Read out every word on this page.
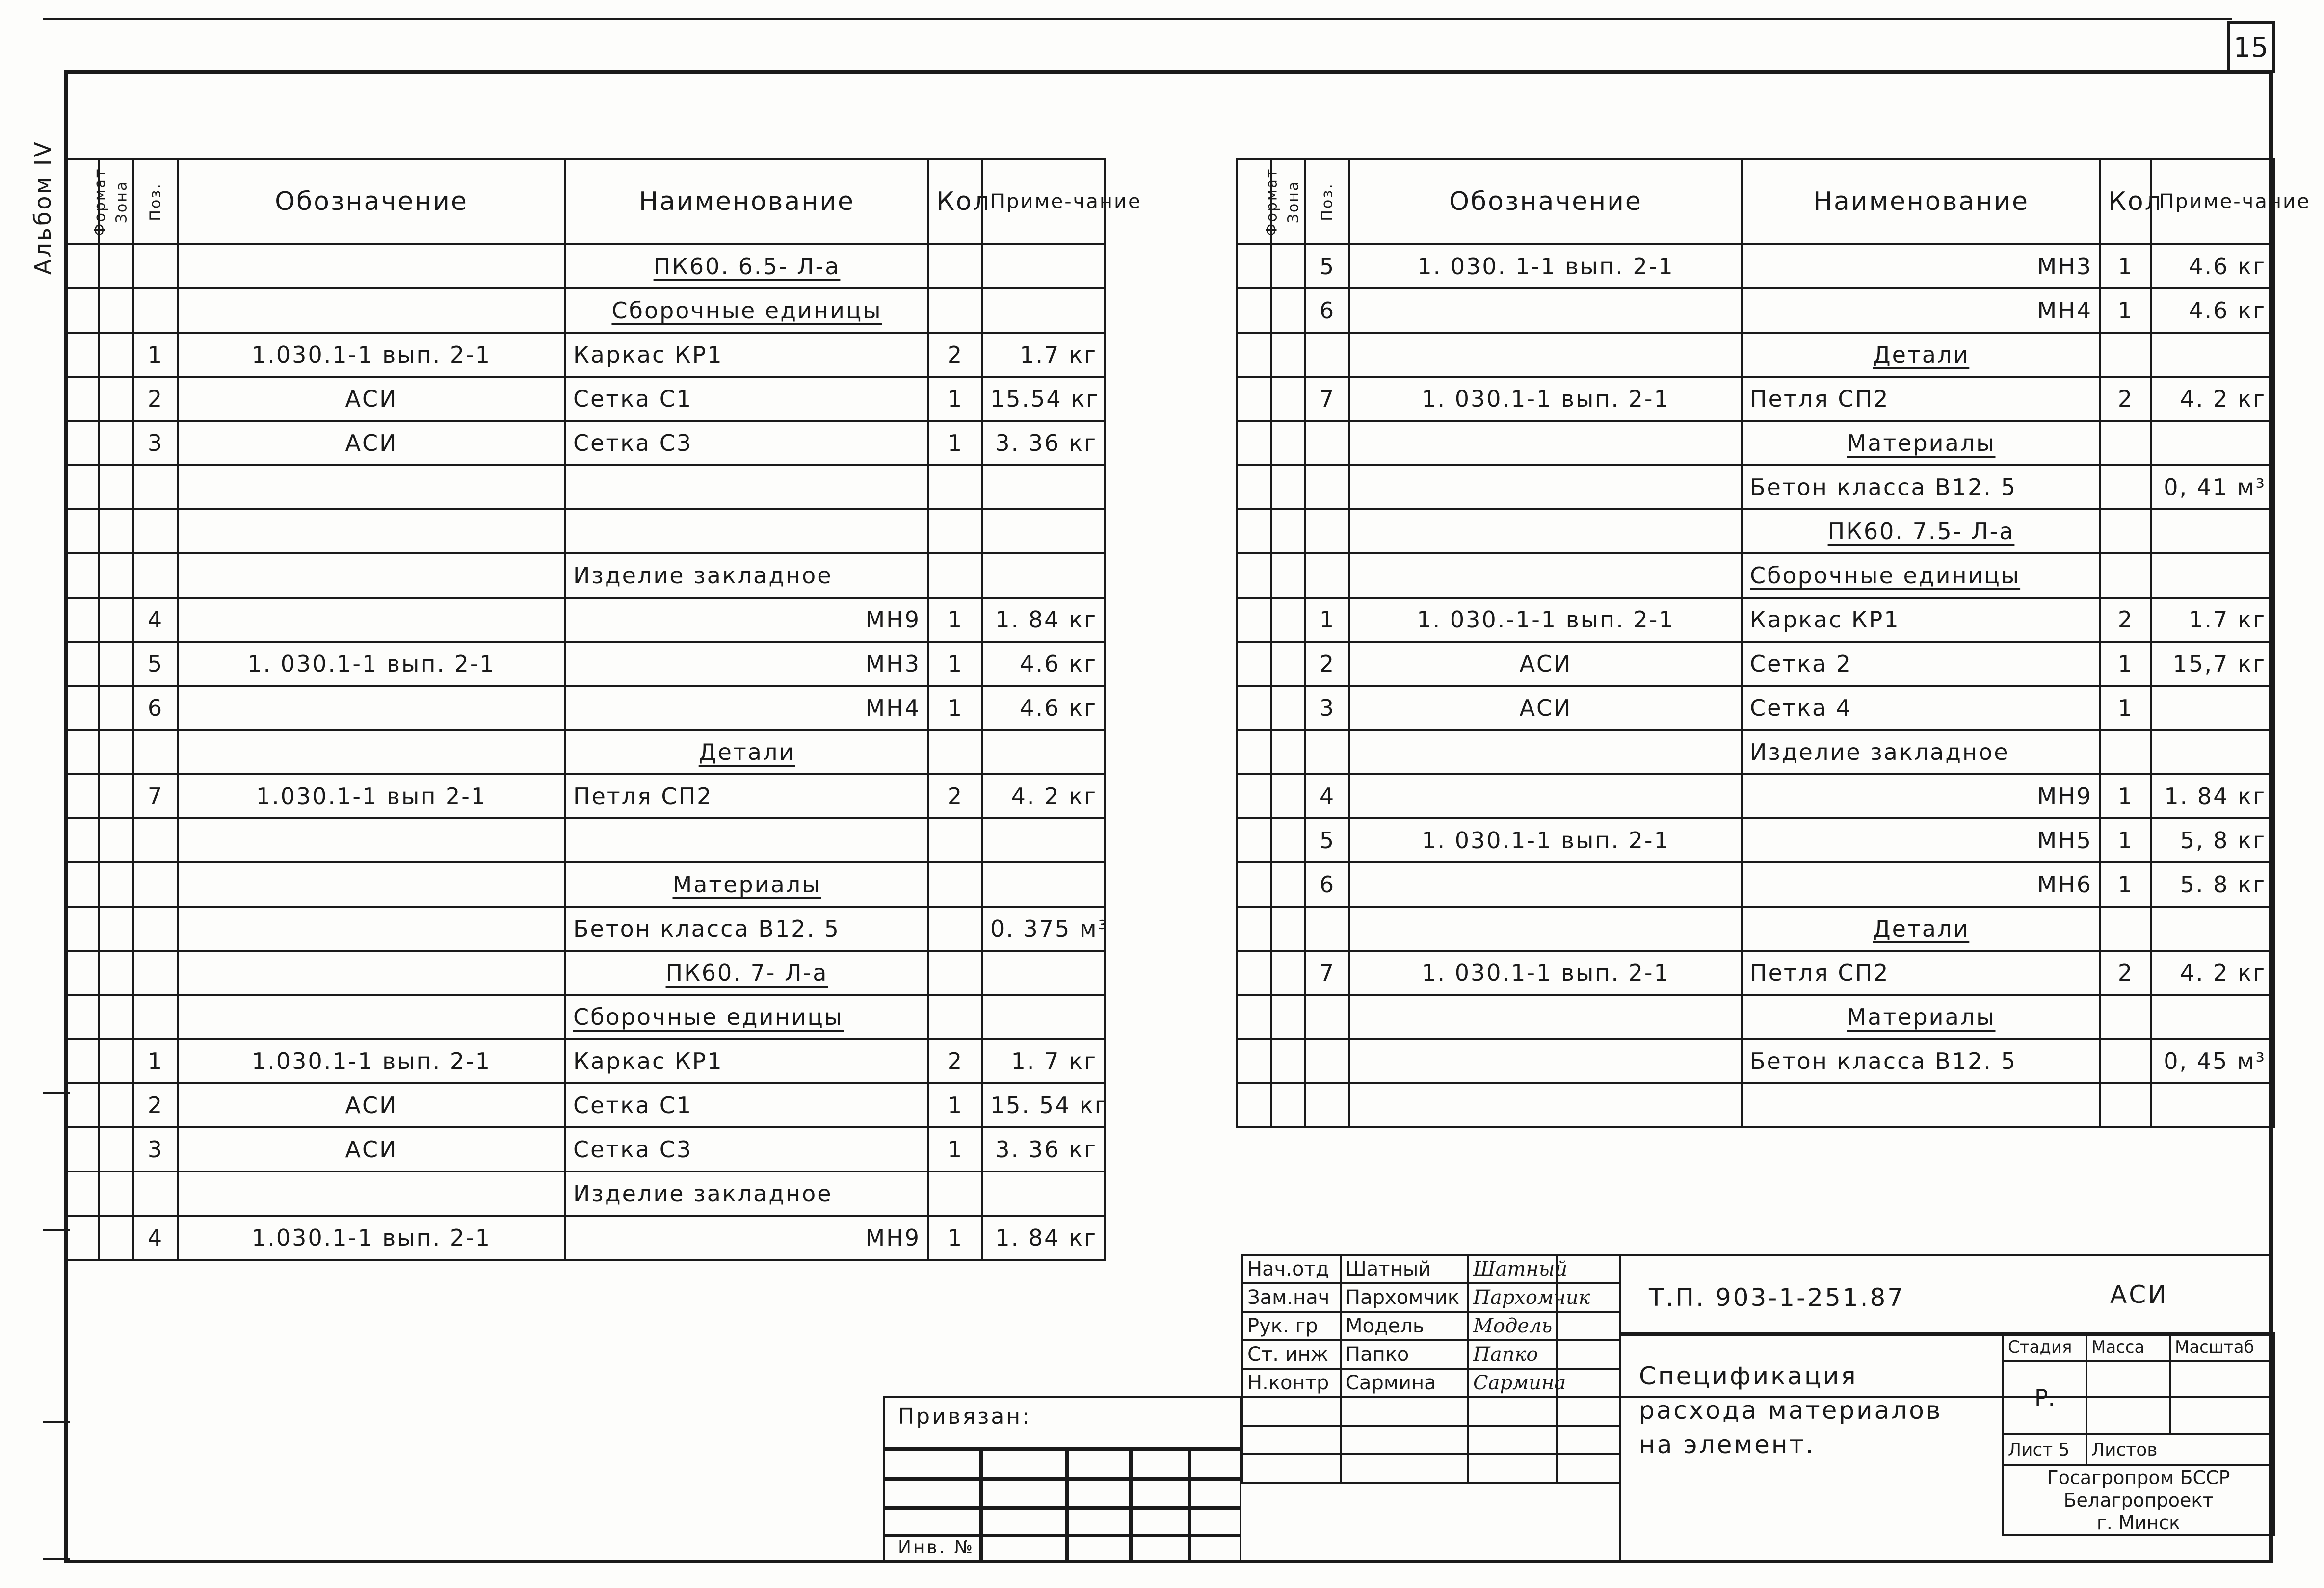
15
Альбом IV Формат	Зона	Поз.	Обозначение	Наименование	Кол	Приме-чание
				ПК60. 6.5- Л-а		
				Сборочные единицы		
		1	1.030.1-1 вып. 2-1	Каркас КР1	2	1.7 кг
		2	АСИ	Сетка С1	1	15.54 кг
		3	АСИ	Сетка С3	1	3. 36 кг

				Изделие закладное		
		4		МН9	1	1. 84 кг
		5	1. 030.1-1 вып. 2-1	МН3	1	4.6 кг
		6		МН4	1	4.6 кг
				Детали		
		7	1.030.1-1 вып 2-1	Петля СП2	2	4. 2 кг

				Материалы		
				Бетон класса В12. 5		0. 375 м³
				ПК60. 7- Л-а		
				Сборочные единицы		
		1	1.030.1-1 вып. 2-1	Каркас КР1	2	1. 7 кг
		2	АСИ	Сетка С1	1	15. 54 кг
		3	АСИ	Сетка С3	1	3. 36 кг
				Изделие закладное		
		4	1.030.1-1 вып. 2-1	МН9	1	1. 84 кг
Формат	Зона	Поз.	Обозначение	Наименование	Кол	Приме-чание
		5	1. 030. 1-1 вып. 2-1	МН3	1	4.6 кг
		6		МН4	1	4.6 кг
				Детали		
		7	1. 030.1-1 вып. 2-1	Петля СП2	2	4. 2 кг
				Материалы		
				Бетон класса В12. 5		0, 41 м³
				ПК60. 7.5- Л-а		
				Сборочные единицы		
		1	1. 030.-1-1 вып. 2-1	Каркас КР1	2	1.7 кг
		2	АСИ	Сетка 2	1	15,7 кг
		3	АСИ	Сетка 4	1	
				Изделие закладное		
		4		МН9	1	1. 84 кг
		5	1. 030.1-1 вып. 2-1	МН5	1	5, 8 кг
		6		МН6	1	5. 8 кг
				Детали		
		7	1. 030.1-1 вып. 2-1	Петля СП2	2	4. 2 кг
				Материалы		
				Бетон класса В12. 5		0, 45 м³

Нач.отд	Шатный	Шатный	
Зам.нач	Пархомчик	Пархомчик	
Рук. гр	Модель	Модель	
Ст. инж	Папко	Папко	
Н.контр	Сармина	Сармина	

Т.П. 903-1-251.87	АСИ
Спецификация расхода материалов на элемент.
Стадия	Масса	Масштаб
Р.		
Лист 5	Листов	

Госагропром БССР
Белагропроект
г. Минск		
Привязан:
Инв. №
